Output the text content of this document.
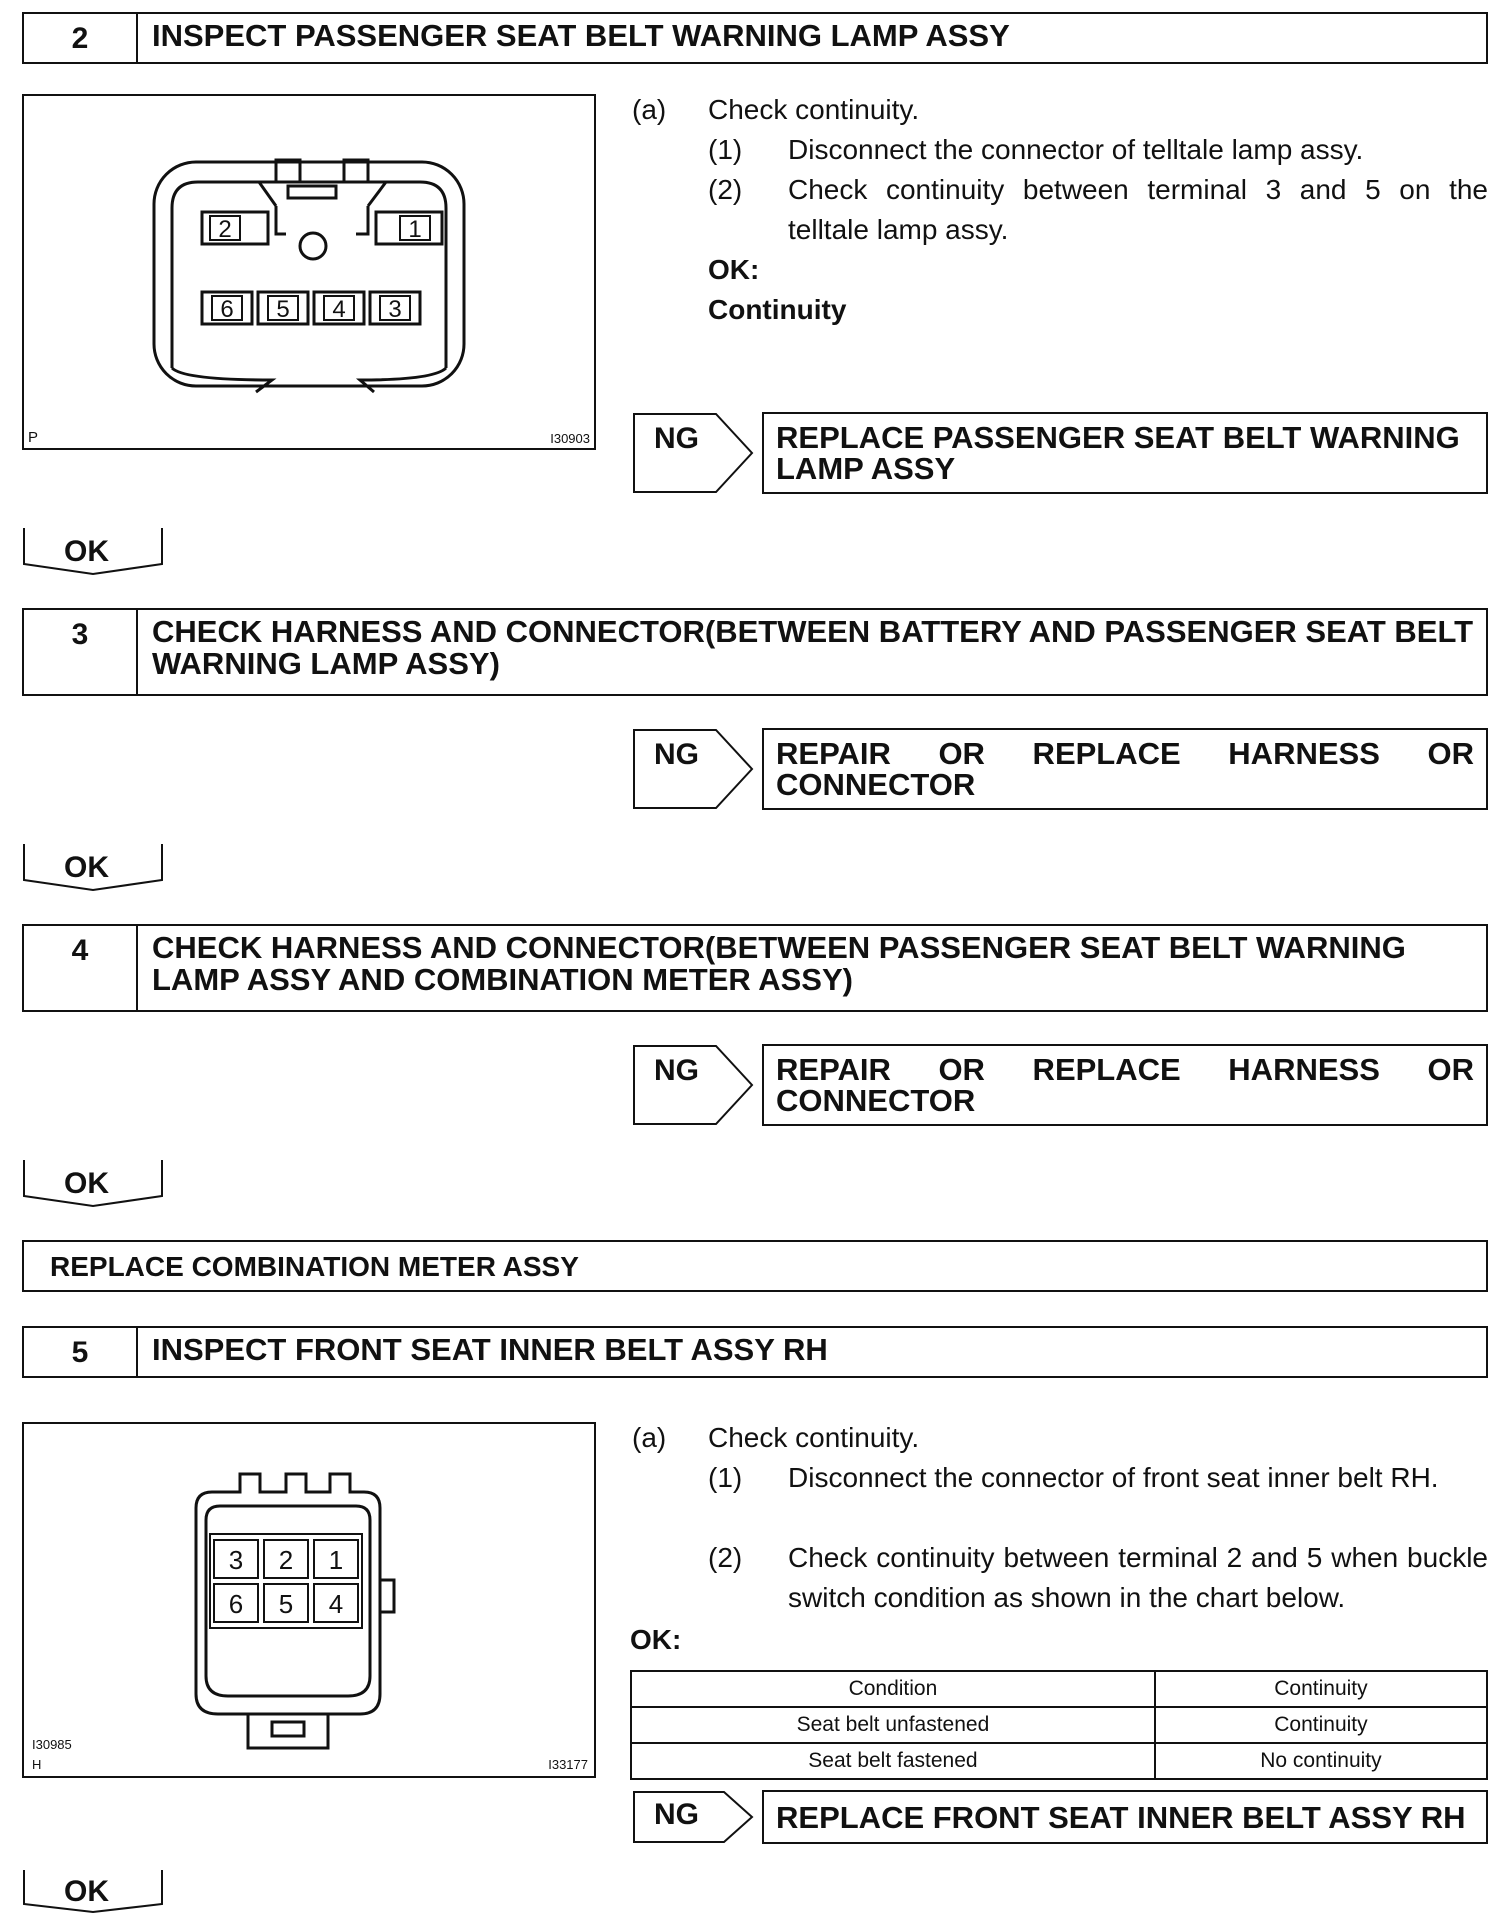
2	INSPECT PASSENGER SEAT BELT WARNING LAMP ASSY
2	1
6 5 4 3
P	I30903
(a) Check continuity.
(1) Disconnect the connector of telltale lamp assy.
(2) Check continuity between terminal 3 and 5 on the telltale lamp assy.
OK:
Continuity
NG	REPLACE PASSENGER SEAT BELT WARNING LAMP ASSY
OK
3	CHECK HARNESS AND CONNECTOR(BETWEEN BATTERY AND PASSENGER SEAT BELT WARNING LAMP ASSY)
NG	REPAIR OR REPLACE HARNESS OR CONNECTOR
OK
4	CHECK HARNESS AND CONNECTOR(BETWEEN PASSENGER SEAT BELT WARNING LAMP ASSY AND COMBINATION METER ASSY)
NG	REPAIR OR REPLACE HARNESS OR CONNECTOR
OK
REPLACE COMBINATION METER ASSY
5	INSPECT FRONT SEAT INNER BELT ASSY RH
3 2 1
6 5 4
I30985
H	I33177
(a) Check continuity.
(1) Disconnect the connector of front seat inner belt RH.
(2) Check continuity between terminal 2 and 5 when buckle switch condition as shown in the chart below.
OK:
Condition	Continuity
Seat belt unfastened	Continuity
Seat belt fastened	No continuity
NG	REPLACE FRONT SEAT INNER BELT ASSY RH
OK
